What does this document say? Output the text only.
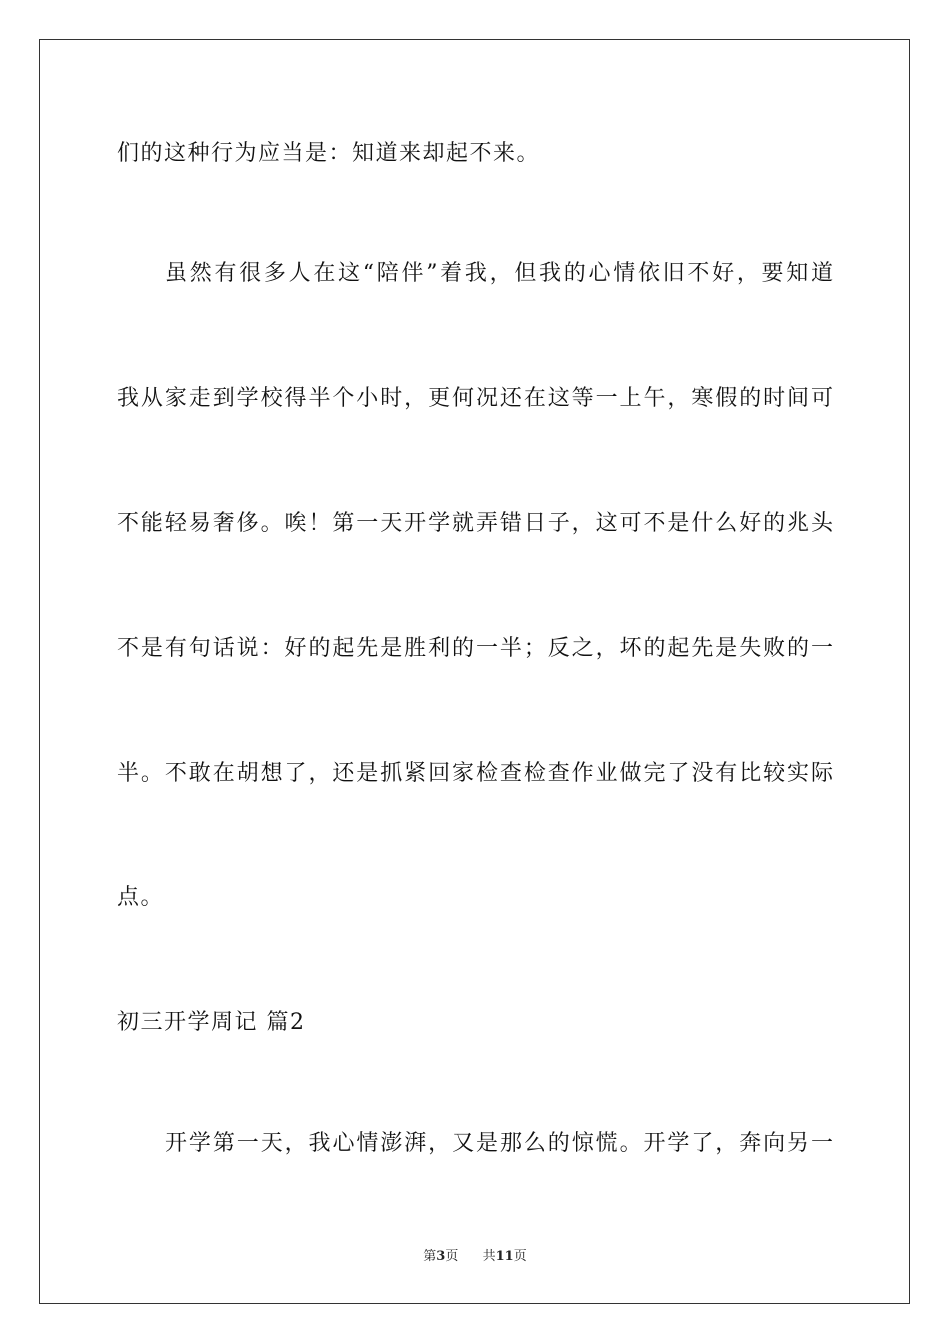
们的这种行为应当是：知道来却起不来。
虽然有很多人在这“陪伴”着我，但我的心情依旧不好，要知道
我从家走到学校得半个小时，更何况还在这等一上午，寒假的时间可
不能轻易奢侈。唉！第一天开学就弄错日子，这可不是什么好的兆头
不是有句话说：好的起先是胜利的一半；反之，坏的起先是失败的一
半。不敢在胡想了，还是抓紧回家检查检查作业做完了没有比较实际
点。
初三开学周记 篇2
开学第一天，我心情澎湃，又是那么的惊慌。开学了，奔向另一
第3页 共11页
